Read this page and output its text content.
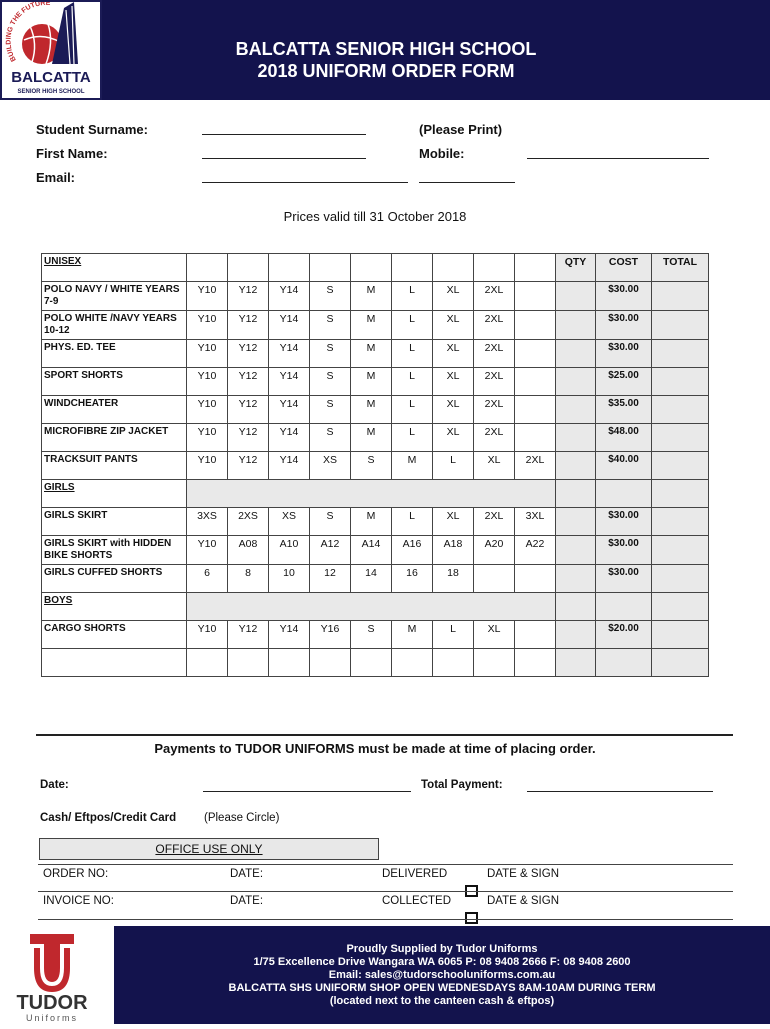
BUILDING THE FUTURE
BALCATTA
SENIOR HIGH SCHOOL
BALCATTA SENIOR HIGH SCHOOL
2018 UNIFORM ORDER FORM
Student Surname:	(Please Print)
First Name:	Mobile:
Email:
Prices valid till 31 October 2018
UNISEX										QTY	COST	TOTAL
POLO NAVY / WHITE YEARS 7-9	Y10	Y12	Y14	S	M	L	XL	2XL			$30.00	
POLO WHITE /NAVY YEARS 10-12	Y10	Y12	Y14	S	M	L	XL	2XL			$30.00	
PHYS. ED. TEE	Y10	Y12	Y14	S	M	L	XL	2XL			$30.00	
SPORT SHORTS	Y10	Y12	Y14	S	M	L	XL	2XL			$25.00	
WINDCHEATER	Y10	Y12	Y14	S	M	L	XL	2XL			$35.00	
MICROFIBRE ZIP JACKET	Y10	Y12	Y14	S	M	L	XL	2XL			$48.00	
TRACKSUIT PANTS	Y10	Y12	Y14	XS	S	M	L	XL	2XL		$40.00	
GIRLS												
GIRLS SKIRT	3XS	2XS	XS	S	M	L	XL	2XL	3XL		$30.00	
GIRLS SKIRT with HIDDEN BIKE SHORTS	Y10	A08	A10	A12	A14	A16	A18	A20	A22		$30.00	
GIRLS CUFFED SHORTS	6	8	10	12	14	16	18				$30.00	
BOYS												
CARGO SHORTS	Y10	Y12	Y14	Y16	S	M	L	XL			$20.00	

Payments to TUDOR UNIFORMS must be made at time of placing order.
Date:	Total Payment:
Cash/ Eftpos/Credit Card (Please Circle)
OFFICE USE ONLY
ORDER NO:	DATE:	DELIVERED	DATE & SIGN
INVOICE NO:	DATE:	COLLECTED	DATE & SIGN
TUDOR
Uniforms
Proudly Supplied by Tudor Uniforms
1/75 Excellence Drive Wangara WA 6065 P: 08 9408 2666 F: 08 9408 2600
Email: sales@tudorschooluniforms.com.au
BALCATTA SHS UNIFORM SHOP OPEN WEDNESDAYS 8AM-10AM DURING TERM
(located next to the canteen cash & eftpos)
